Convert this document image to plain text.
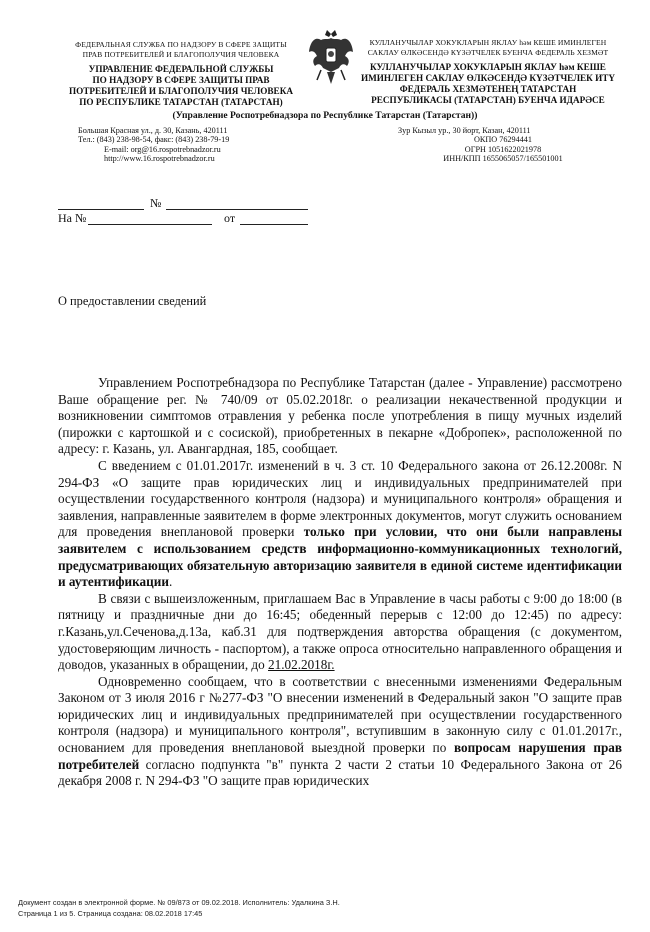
ФЕДЕРАЛЬНАЯ СЛУЖБА ПО НАДЗОРУ В СФЕРЕ ЗАЩИТЫ
ПРАВ ПОТРЕБИТЕЛЕЙ И БЛАГОПОЛУЧИЯ ЧЕЛОВЕКА
УПРАВЛЕНИЕ ФЕДЕРАЛЬНОЙ СЛУЖБЫ
ПО НАДЗОРУ В СФЕРЕ ЗАЩИТЫ ПРАВ
ПОТРЕБИТЕЛЕЙ И БЛАГОПОЛУЧИЯ ЧЕЛОВЕКА
ПО РЕСПУБЛИКЕ ТАТАРСТАН (ТАТАРСТАН)
КУЛЛАНУЧЫЛАР ХОКУКЛАРЫН ЯКЛАУ һәм КЕШЕ ИМИНЛЕГЕН
САКЛАУ ӨЛКӘСЕНДӘ КҮЗӘТЧЕЛЕК БУЕНЧА ФЕДЕРАЛЬ ХЕЗМӘТ
КУЛЛАНУЧЫЛАР ХОКУКЛАРЫН ЯКЛАУ һәм КЕШЕ
ИМИНЛЕГЕН САКЛАУ ӨЛКӘСЕНДӘ КҮЗӘТЧЕЛЕК ИТҮ
ФЕДЕРАЛЬ ХЕЗМӘТЕНЕҢ ТАТАРСТАН
РЕСПУБЛИКАСЫ (ТАТАРСТАН) БУЕНЧА ИДАРӘСЕ
(Управление Роспотребнадзора по Республике Татарстан (Татарстан))
Большая Красная ул., д. 30, Казань, 420111
Тел.: (843) 238-98-54, факс: (843) 238-79-19
E-mail: org@16.rospotrebnadzor.ru
http://www.16.rospotrebnadzor.ru
Зур Кызыл ур., 30 йорт, Казан, 420111
ОКПО 76294441
ОГРН 1051622021978
ИНН/КПП 1655065057/165501001
№
На №	от
О предоставлении сведений

Управлением Роспотребнадзора по Республике Татарстан (далее - Управление) рассмотрено Ваше обращение рег. № 740/09 от 05.02.2018г. о реализации некачественной продукции и возникновении симптомов отравления у ребенка после употребления в пищу мучных изделий (пирожки с картошкой и с сосиской), приобретенных в пекарне «Добропек», расположенной по адресу: г. Казань, ул. Авангардная, 185, сообщает.

С введением с 01.01.2017г. изменений в ч. 3 ст. 10 Федерального закона от 26.12.2008г. N 294-ФЗ «О защите прав юридических лиц и индивидуальных предпринимателей при осуществлении государственного контроля (надзора) и муниципального контроля» обращения и заявления, направленные заявителем в форме электронных документов, могут служить основанием для проведения внеплановой проверки только при условии, что они были направлены заявителем с использованием средств информационно-коммуникационных технологий, предусматривающих обязательную авторизацию заявителя в единой системе идентификации и аутентификации.

В связи с вышеизложенным, приглашаем Вас в Управление в часы работы с 9:00 до 18:00 (в пятницу и праздничные дни до 16:45; обеденный перерыв с 12:00 до 12:45) по адресу: г.Казань,ул.Сеченова,д.13а, каб.31 для подтверждения авторства обращения (с документом, удостоверяющим личность - паспортом), а также опроса относительно направленного обращения и доводов, указанных в обращении, до 21.02.2018г.

Одновременно сообщаем, что в соответствии с внесенными изменениями Федеральным Законом от 3 июля 2016 г №277-ФЗ "О внесении изменений в Федеральный закон "О защите прав юридических лиц и индивидуальных предпринимателей при осуществлении государственного контроля (надзора) и муниципального контроля", вступившим в законную силу с 01.01.2017г., основанием для проведения внеплановой выездной проверки по вопросам нарушения прав потребителей согласно подпункта "в" пункта 2 части 2 статьи 10 Федерального Закона от 26 декабря 2008 г. N 294-ФЗ "О защите прав юридических

Документ создан в электронной форме. № 09/873 от 09.02.2018. Исполнитель: Удалкина З.Н.
Страница 1 из 5. Страница создана: 08.02.2018 17:45
